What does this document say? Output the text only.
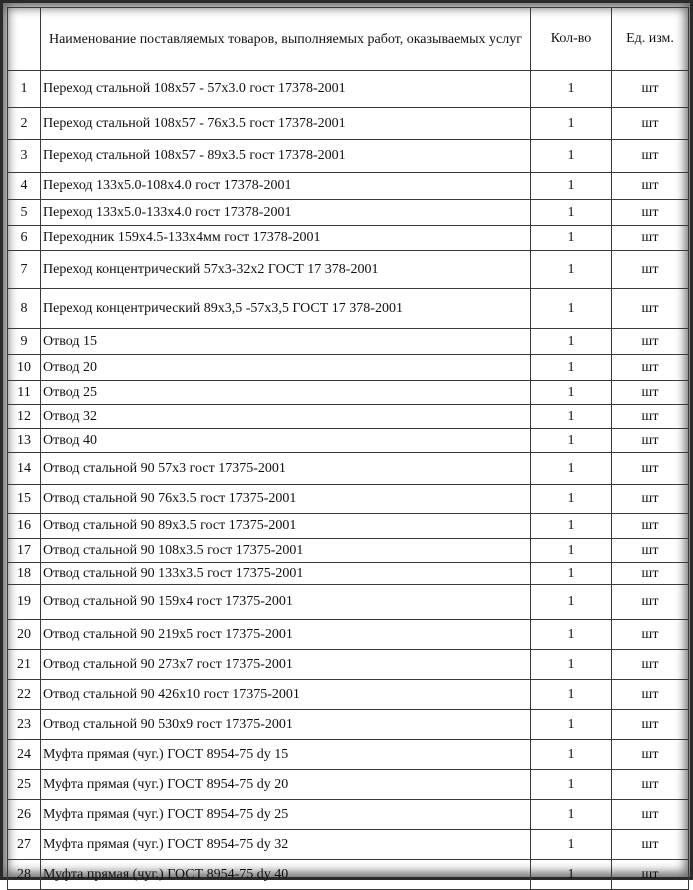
	Наименование поставляемых товаров, выполняемых работ, оказываемых услуг	Кол-во	Ед. изм.
1	Переход стальной 108х57 - 57х3.0 гост 17378-2001	1	шт
2	Переход стальной 108х57 - 76х3.5 гост 17378-2001	1	шт
3	Переход стальной 108х57 - 89х3.5 гост 17378-2001	1	шт
4	Переход 133х5.0-108х4.0 гост 17378-2001	1	шт
5	Переход 133х5.0-133х4.0 гост 17378-2001	1	шт
6	Переходник 159х4.5-133х4мм гост 17378-2001	1	шт
7	Переход концентрический 57x3-32x2 ГОСТ 17 378-2001	1	шт
8	Переход концентрический 89x3,5 -57x3,5 ГОСТ 17 378-2001	1	шт
9	Отвод 15	1	шт
10	Отвод 20	1	шт
11	Отвод 25	1	шт
12	Отвод 32	1	шт
13	Отвод 40	1	шт
14	Отвод стальной 90 57х3 гост 17375-2001	1	шт
15	Отвод стальной 90 76х3.5 гост 17375-2001	1	шт
16	Отвод стальной 90 89х3.5 гост 17375-2001	1	шт
17	Отвод стальной 90 108х3.5 гост 17375-2001	1	шт
18	Отвод стальной 90 133х3.5 гост 17375-2001	1	шт
19	Отвод стальной 90 159х4 гост 17375-2001	1	шт
20	Отвод стальной 90 219х5 гост 17375-2001	1	шт
21	Отвод стальной 90 273х7 гост 17375-2001	1	шт
22	Отвод стальной 90 426х10 гост 17375-2001	1	шт
23	Отвод стальной 90 530х9 гост 17375-2001	1	шт
24	Муфта прямая (чуг.) ГОСТ 8954-75 dy 15	1	шт
25	Муфта прямая (чуг.) ГОСТ 8954-75 dy 20	1	шт
26	Муфта прямая (чуг.) ГОСТ 8954-75 dy 25	1	шт
27	Муфта прямая (чуг.) ГОСТ 8954-75 dy 32	1	шт
28	Муфта прямая (чуг.) ГОСТ 8954-75 dy 40	1	шт
